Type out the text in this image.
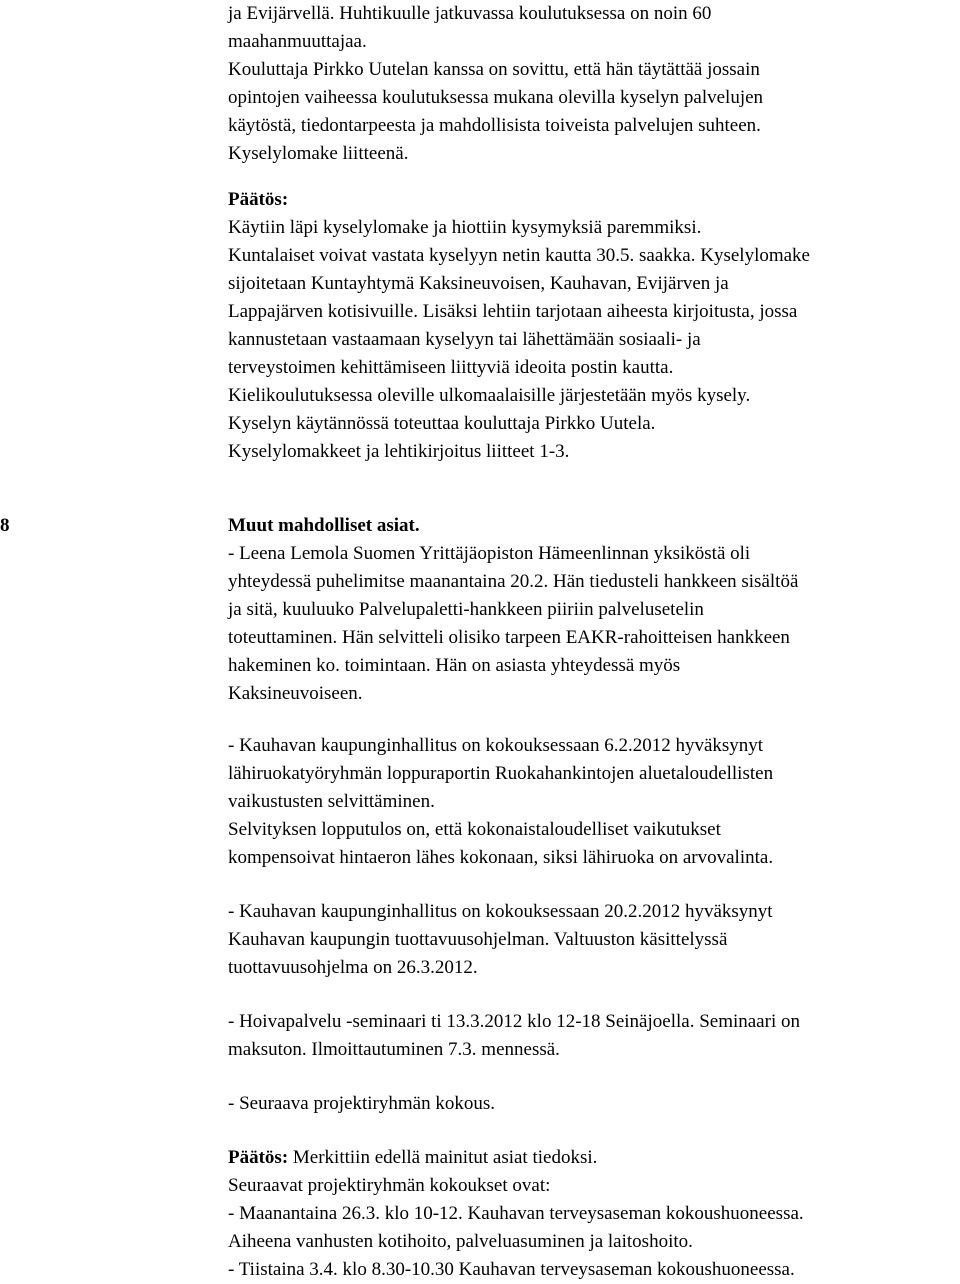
ja Evijärvellä. Huhtikuulle jatkuvassa koulutuksessa on noin 60
maahanmuuttajaa.
Kouluttaja Pirkko Uutelan kanssa on sovittu, että hän täytättää jossain
opintojen vaiheessa koulutuksessa mukana olevilla kyselyn palvelujen
käytöstä, tiedontarpeesta ja mahdollisista toiveista palvelujen suhteen.
Kyselylomake liitteenä.
Päätös:
Käytiin läpi kyselylomake ja hiottiin kysymyksiä paremmiksi.
Kuntalaiset voivat vastata kyselyyn netin kautta 30.5. saakka. Kyselylomake
sijoitetaan Kuntayhtymä Kaksineuvoisen, Kauhavan, Evijärven ja
Lappajärven kotisivuille. Lisäksi lehtiin tarjotaan aiheesta kirjoitusta, jossa
kannustetaan vastaamaan kyselyyn tai lähettämään sosiaali- ja
terveystoimen kehittämiseen liittyviä ideoita postin kautta.
Kielikoulutuksessa oleville ulkomaalaisille järjestetään myös kysely.
Kyselyn käytännössä toteuttaa kouluttaja Pirkko Uutela.
Kyselylomakkeet ja lehtikirjoitus liitteet 1-3.
8	Muut mahdolliset asiat.
- Leena Lemola Suomen Yrittäjäopiston Hämeenlinnan yksiköstä oli
yhteydessä puhelimitse maanantaina 20.2. Hän tiedusteli hankkeen sisältöä
ja sitä, kuuluuko Palvelupaletti-hankkeen piiriin palvelusetelin
toteuttaminen. Hän selvitteli olisiko tarpeen EAKR-rahoitteisen hankkeen
hakeminen ko. toimintaan. Hän on asiasta yhteydessä myös
Kaksineuvoiseen.
- Kauhavan kaupunginhallitus on kokouksessaan 6.2.2012 hyväksynyt
lähiruokatyöryhmän loppuraportin Ruokahankintojen aluetaloudellisten
vaikustusten selvittäminen.
Selvityksen lopputulos on, että kokonaistaloudelliset vaikutukset
kompensoivat hintaeron lähes kokonaan, siksi lähiruoka on arvovalinta.
- Kauhavan kaupunginhallitus on kokouksessaan 20.2.2012 hyväksynyt
Kauhavan kaupungin tuottavuusohjelman. Valtuuston käsittelyssä
tuottavuusohjelma on 26.3.2012.
- Hoivapalvelu -seminaari ti 13.3.2012 klo 12-18 Seinäjoella. Seminaari on
maksuton. Ilmoittautuminen 7.3. mennessä.
- Seuraava projektiryhmän kokous.
Päätös: Merkittiin edellä mainitut asiat tiedoksi.
Seuraavat projektiryhmän kokoukset ovat:
- Maanantaina 26.3. klo 10-12. Kauhavan terveysaseman kokoushuoneessa.
Aiheena vanhusten kotihoito, palveluasuminen ja laitoshoito.
- Tiistaina 3.4. klo 8.30-10.30 Kauhavan terveysaseman kokoushuoneessa.
